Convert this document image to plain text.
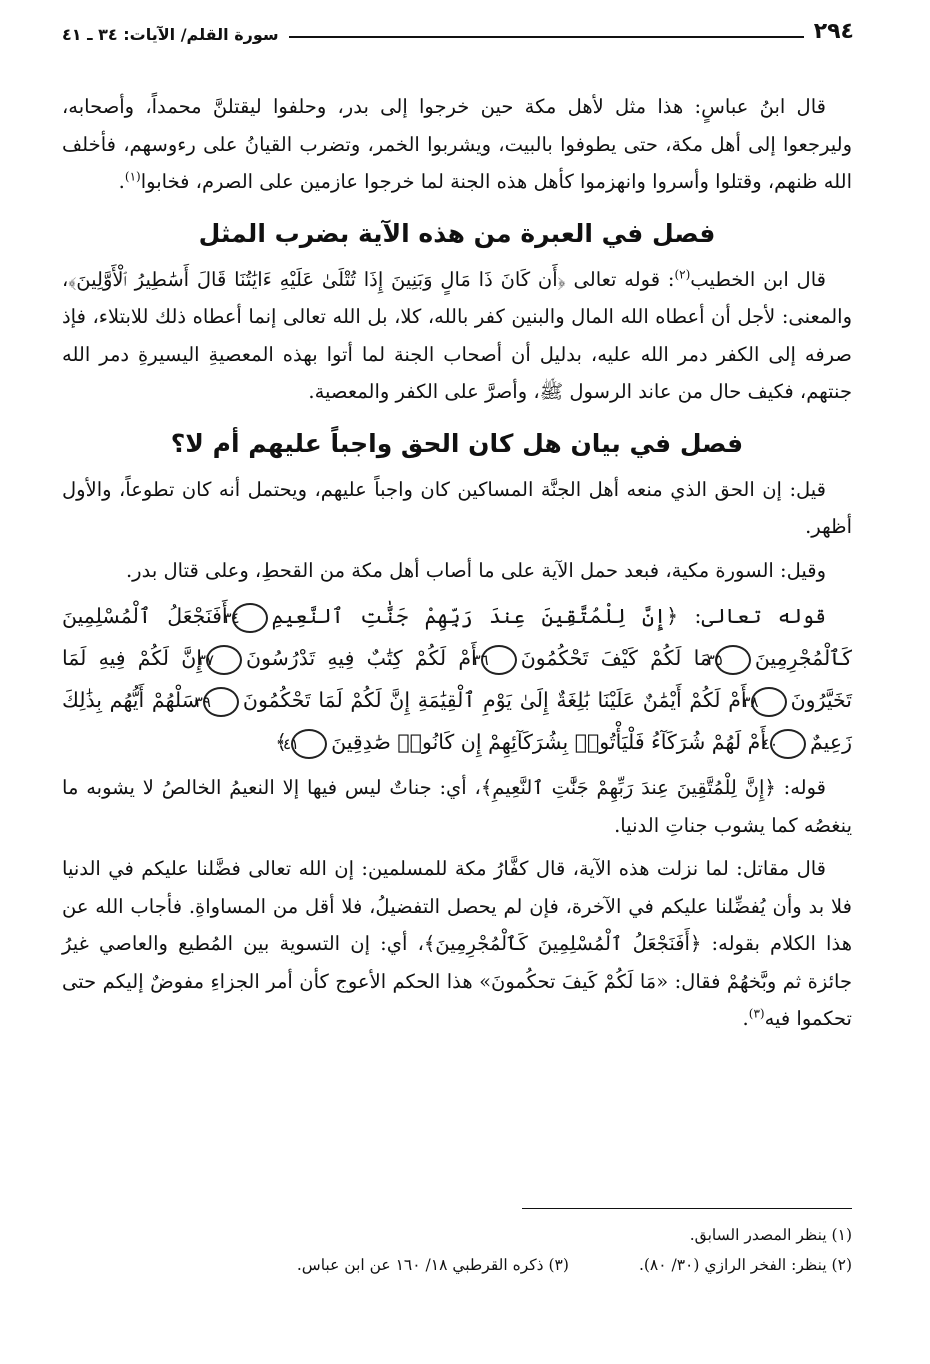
٢٩٤
سورة القلم/ الآيات: ٣٤ ـ ٤١

قال ابنُ عباسٍ: هذا مثل لأهل مكة حين خرجوا إلى بدر، وحلفوا ليقتلنَّ محمداً، وأصحابه، وليرجعوا إلى أهل مكة، حتى يطوفوا بالبيت، ويشربوا الخمر، وتضرب القيانُ على رءوسهم، فأخلف الله ظنهم، وقتلوا وأسروا وانهزموا كأهل هذه الجنة لما خرجوا عازمين على الصرم، فخابوا$^{(١)}$.

فصل في العبرة من هذه الآية بضرب المثل

قال ابن الخطيب$^{(٢)}$: قوله تعالى ﴿أَن كَانَ ذَا مَالٍ وَبَنِينَ إِذَا تُتْلَىٰ عَلَيْهِ ءَايَٰتُنَا قَالَ أَسَٰطِيرُ ٱلْأَوَّلِينَ﴾، والمعنى: لأجل أن أعطاه الله المال والبنين كفر بالله، كلا، بل الله تعالى إنما أعطاه ذلك للابتلاء، فإذ صرفه إلى الكفر دمر الله عليه، بدليل أن أصحاب الجنة لما أتوا بهذه المعصيةِ اليسيرةِ دمر الله جنتهم، فكيف حال من عاند الرسول ﷺ، وأصرَّ على الكفر والمعصية.

فصل في بيان هل كان الحق واجباً عليهم أم لا؟

قيل: إن الحق الذي منعه أهل الجنَّة المساكين كان واجباً عليهم، ويحتمل أنه كان تطوعاً، والأول أظهر.

وقيل: السورة مكية، فبعد حمل الآية على ما أصاب أهل مكة من القحطِ، وعلى قتال بدر.

قوله تعالى: ﴿إِنَّ لِلْمُتَّقِينَ عِندَ رَبِّهِمْ جَنَّٰتِ ٱلنَّعِيمِ٣٤أَفَنَجْعَلُ ٱلْمُسْلِمِينَ كَٱلْمُجْرِمِينَ٣٥مَا لَكُمْ كَيْفَ تَحْكُمُونَ٣٦أَمْ لَكُمْ كِتَٰبٌ فِيهِ تَدْرُسُونَ٣٧إِنَّ لَكُمْ فِيهِ لَمَا تَخَيَّرُونَ٣٨أَمْ لَكُمْ أَيْمَٰنٌ عَلَيْنَا بَٰلِغَةٌ إِلَىٰ يَوْمِ ٱلْقِيَٰمَةِ إِنَّ لَكُمْ لَمَا تَحْكُمُونَ٣٩سَلْهُمْ أَيُّهُم بِذَٰلِكَ زَعِيمٌ٤٠أَمْ لَهُمْ شُرَكَآءُ فَلْيَأْتُوا۟ بِشُرَكَآئِهِمْ إِن كَانُوا۟ صَٰدِقِينَ٤١﴾

قوله: ﴿إِنَّ لِلْمُتَّقِينَ عِندَ رَبِّهِمْ جَنَّٰتِ ٱلنَّعِيمِ﴾، أي: جناتٌ ليس فيها إلا النعيمُ الخالصُ لا يشوبه ما ينغصُه كما يشوب جناتِ الدنيا.

قال مقاتل: لما نزلت هذه الآية، قال كفَّارُ مكة للمسلمين: إن الله تعالى فضَّلنا عليكم في الدنيا فلا بد وأن يُفضِّلنا عليكم في الآخرة، فإن لم يحصل التفضيلُ، فلا أقل من المساواةِ. فأجاب الله عن هذا الكلام بقوله: ﴿أَفَنَجْعَلُ ٱلْمُسْلِمِينَ كَٱلْمُجْرِمِينَ﴾، أي: إن التسوية بين المُطيع والعاصي غيرُ جائزة ثم وبَّخهُمْ فقال: «مَا لَكُمْ كَيفَ تحكُمونَ» هذا الحكم الأعوج كأن أمر الجزاءِ مفوضٌ إليكم حتى تحكموا فيه$^{(٣)}$.

(١) ينظر المصدر السابق.
(٢) ينظر: الفخر الرازي (٣٠/ ٨٠).
(٣) ذكره القرطبي ١٨/ ١٦٠ عن ابن عباس.
